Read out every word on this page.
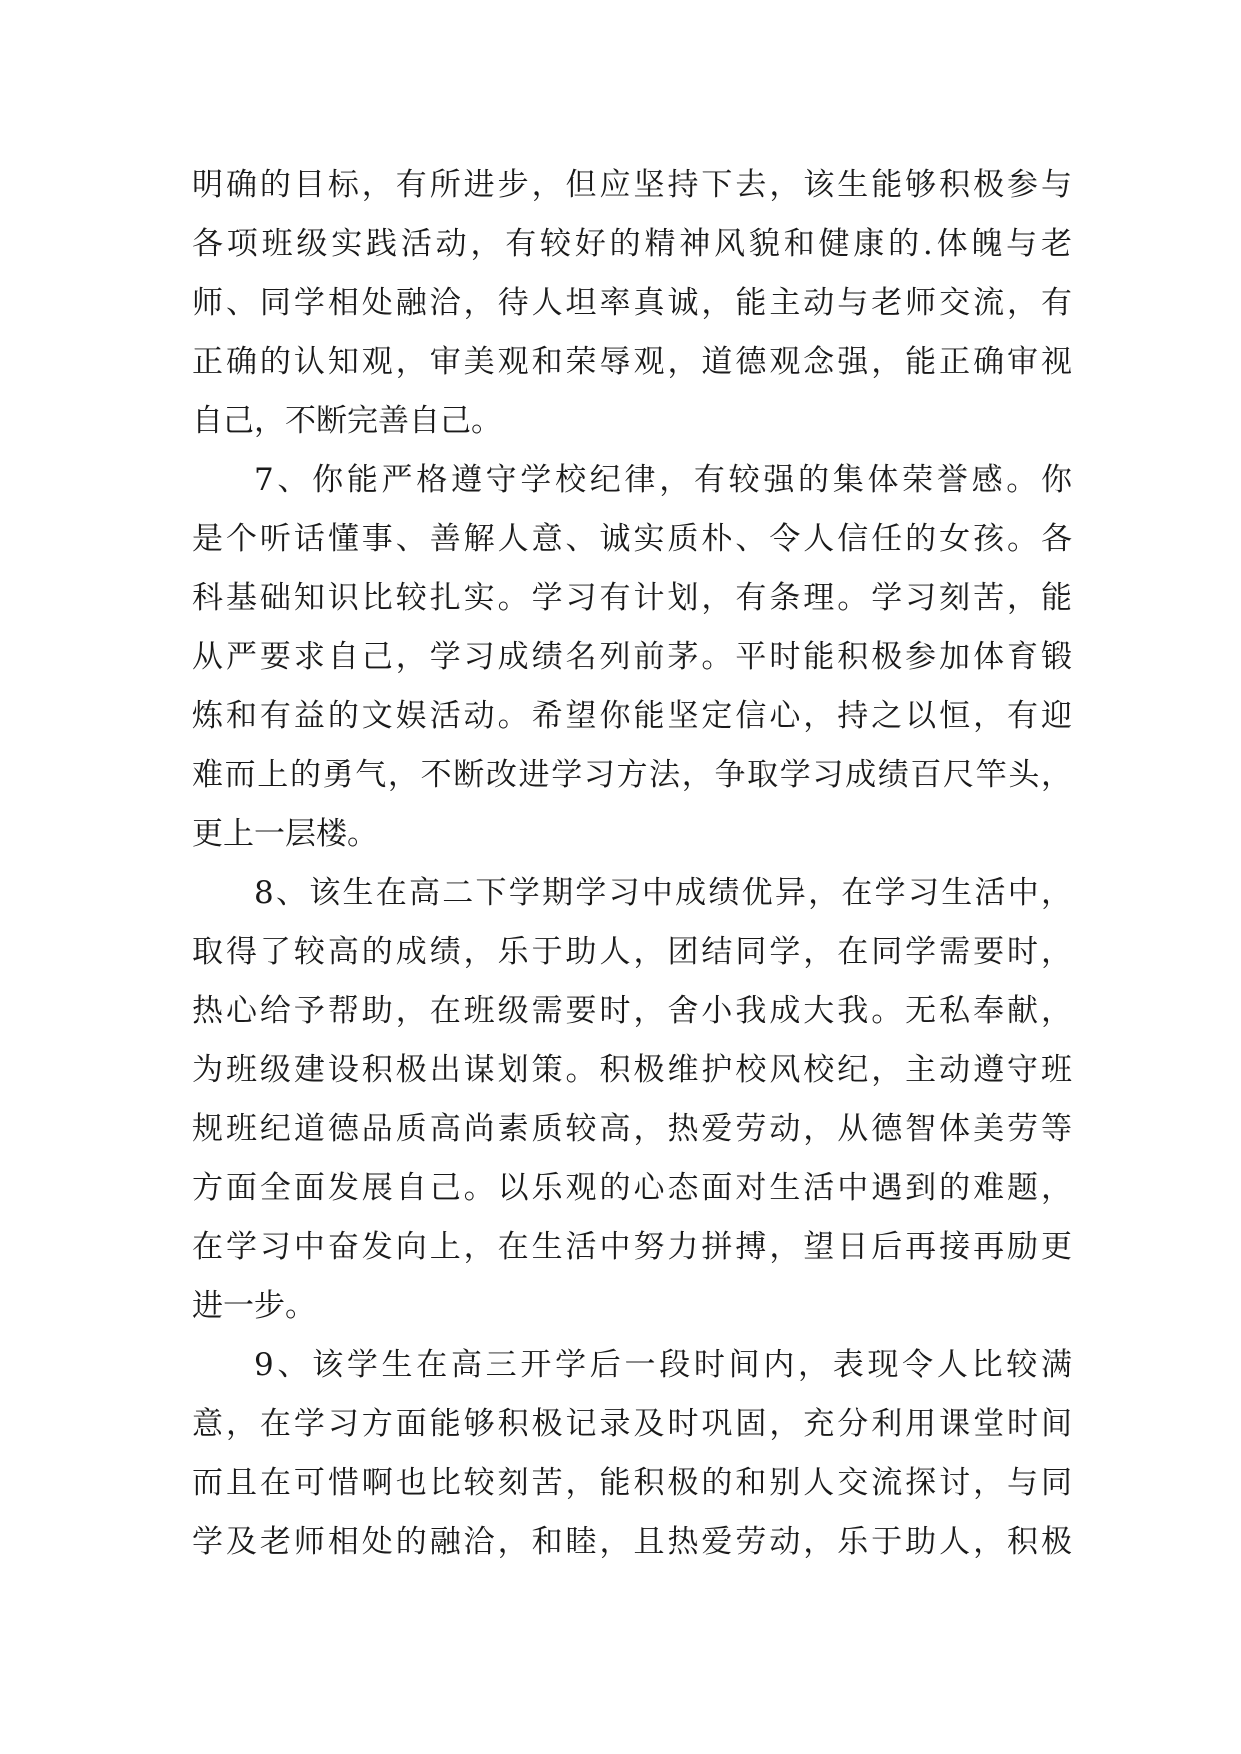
明确的目标，有所进步，但应坚持下去，该生能够积极参与
各项班级实践活动，有较好的精神风貌和健康的.体魄与老
师、同学相处融洽，待人坦率真诚，能主动与老师交流，有
正确的认知观，审美观和荣辱观，道德观念强，能正确审视
自己，不断完善自己。
7、你能严格遵守学校纪律，有较强的集体荣誉感。你
是个听话懂事、善解人意、诚实质朴、令人信任的女孩。各
科基础知识比较扎实。学习有计划，有条理。学习刻苦，能
从严要求自己，学习成绩名列前茅。平时能积极参加体育锻
炼和有益的文娱活动。希望你能坚定信心，持之以恒，有迎
难而上的勇气，不断改进学习方法，争取学习成绩百尺竿头，
更上一层楼。
8、该生在高二下学期学习中成绩优异，在学习生活中，
取得了较高的成绩，乐于助人，团结同学，在同学需要时，
热心给予帮助，在班级需要时，舍小我成大我。无私奉献，
为班级建设积极出谋划策。积极维护校风校纪，主动遵守班
规班纪道德品质高尚素质较高，热爱劳动，从德智体美劳等
方面全面发展自己。以乐观的心态面对生活中遇到的难题，
在学习中奋发向上，在生活中努力拼搏，望日后再接再励更
进一步。
9、该学生在高三开学后一段时间内，表现令人比较满
意，在学习方面能够积极记录及时巩固，充分利用课堂时间
而且在可惜啊也比较刻苦，能积极的和别人交流探讨，与同
学及老师相处的融洽，和睦，且热爱劳动，乐于助人，积极
